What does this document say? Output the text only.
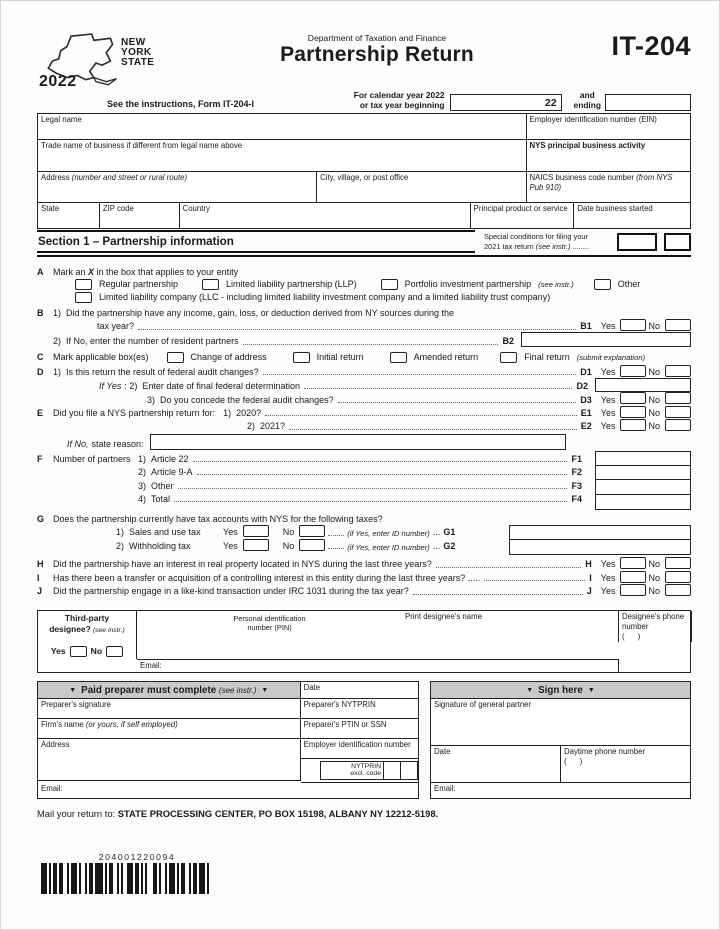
NEW
YORK
STATE
2022
Department of Taxation and Finance
Partnership Return	IT-204
See the instructions, Form IT-204-I
For calendar year 2022
or tax year beginning	22
and
ending
Legal name	Employer identification number (EIN)
Trade name of business if different from legal name above	NYS principal business activity
Address (number and street or rural route)	City, village, or post office	NAICS business code number (from NYS Pub 910)
State	ZIP code	Country	Principal product or service	Date business started
Section 1 – Partnership information	Special conditions for filing your
2021 tax return (see instr.) ........
A	Mark an X in the box that applies to your entity
Regular partnership	Limited liability partnership (LLP)	Portfolio investment partnership (see instr.)	Other
Limited liability company (LLC - including limited liability investment company and a limited liability trust company)
B	1) Did the partnership have any income, gain, loss, or deduction derived from NY sources during the
tax year?	B1 Yes	No
2) If No, enter the number of resident partners	B2
C	Mark applicable box(es)	Change of address	Initial return	Amended return	Final return (submit explanation)
D	1) Is this return the result of federal audit changes?	D1 Yes	No
If Yes : 2) Enter date of final federal determination	D2
3) Do you concede the federal audit changes?	D3 Yes	No
E	Did you file a NYS partnership return for: 1) 2020?	E1 Yes	No
2) 2021?	E2 Yes	No
If No, state reason:
F	Number of partners 1) Article 22	F1
2) Article 9-A	F2
3) Other	F3
4) Total	F4
G Does the partnership currently have tax accounts with NYS for the following taxes?
1) Sales and use tax	Yes	No	(if Yes, enter ID number) ... G1
2) Withholding tax	Yes	No	(if Yes, enter ID number) ... G2
H	Did the partnership have an interest in real property located in NYS during the last three years?	H Yes	No
I	Has there been a transfer or acquisition of a controlling interest in this entity during the last three years? .....	I Yes	No
J	Did the partnership engage in a like-kind transaction under IRC 1031 during the tax year?	J Yes	No
Third-party
designee? (see instr.)
Yes	No
Print designee's name	Designee's phone number
(      )
Personal identification
number (PIN)
Email:
▼ Paid preparer must complete (see instr.) ▼	Date
Preparer's signature	Preparer's NYTPRIN
Firm's name (or yours, if self employed)	Preparer's PTIN or SSN
Address	Employer identification number
NYTPRIN
excl. code
Email:
▼ Sign here ▼
Signature of general partner
Date	Daytime phone number
(      )
Email:
Mail your return to: STATE PROCESSING CENTER, PO BOX 15198, ALBANY NY 12212-5198.
204001220094
